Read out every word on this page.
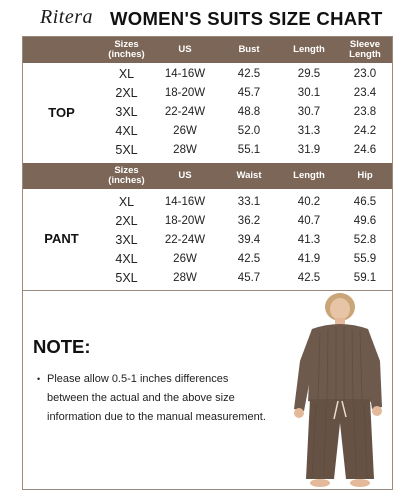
Ritera WOMEN'S SUITS SIZE CHART
Sizes
(inches)	US	Bust	Length	Sleeve
Length
TOP
XL	14-16W	42.5	29.5	23.0
2XL	18-20W	45.7	30.1	23.4
3XL	22-24W	48.8	30.7	23.8
4XL	26W	52.0	31.3	24.2
5XL	28W	55.1	31.9	24.6
Sizes
(inches)	US	Waist	Length	Hip
PANT
XL	14-16W	33.1	40.2	46.5
2XL	18-20W	36.2	40.7	49.6
3XL	22-24W	39.4	41.3	52.8
4XL	26W	42.5	41.9	55.9
5XL	28W	45.7	42.5	59.1
NOTE:
• Please allow 0.5-1 inches differences between the actual and the above size information due to the manual measurement.
